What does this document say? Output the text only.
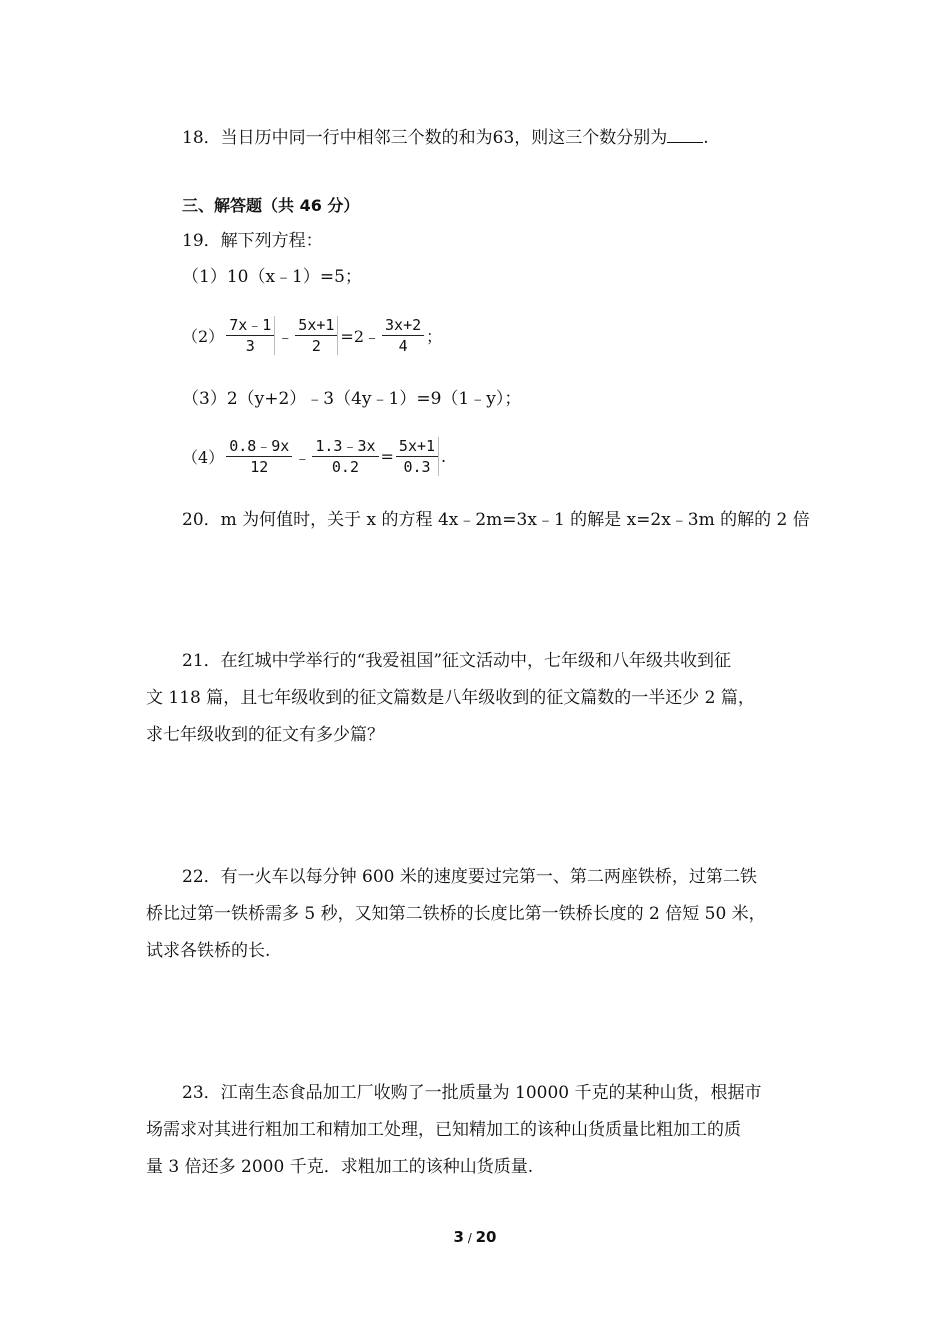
18．当日历中同一行中相邻三个数的和为63，则这三个数分别为 .
三、解答题（共 46 分）
19．解下列方程：
（1）10（x﹣1）=5；
$(2) \frac{7x﹣1}{3}$ ﹣ $\frac{5x+1}{2}$ =2﹣ $\frac{3x+2}{4}$ ；
（3）2（y+2）﹣3（4y﹣1）=9（1﹣y）；
$(4) \frac{0.8﹣9x}{12}$ ﹣ $\frac{1.3﹣3x}{0.2} = \frac{5x+1}{0.3}$ .
20．m 为何值时，关于 x 的方程 4x﹣2m=3x﹣1 的解是 x=2x﹣3m 的解的 2 倍
21．在红城中学举行的“我爱祖国”征文活动中，七年级和八年级共收到征
文 118 篇，且七年级收到的征文篇数是八年级收到的征文篇数的一半还少 2 篇，
求七年级收到的征文有多少篇？
22．有一火车以每分钟 600 米的速度要过完第一、第二两座铁桥，过第二铁
桥比过第一铁桥需多 5 秒，又知第二铁桥的长度比第一铁桥长度的 2 倍短 50 米，
试求各铁桥的长.
23．江南生态食品加工厂收购了一批质量为 10000 千克的某种山货，根据市
场需求对其进行粗加工和精加工处理，已知精加工的该种山货质量比粗加工的质
量 3 倍还多 2000 千克．求粗加工的该种山货质量.
3 / 20
